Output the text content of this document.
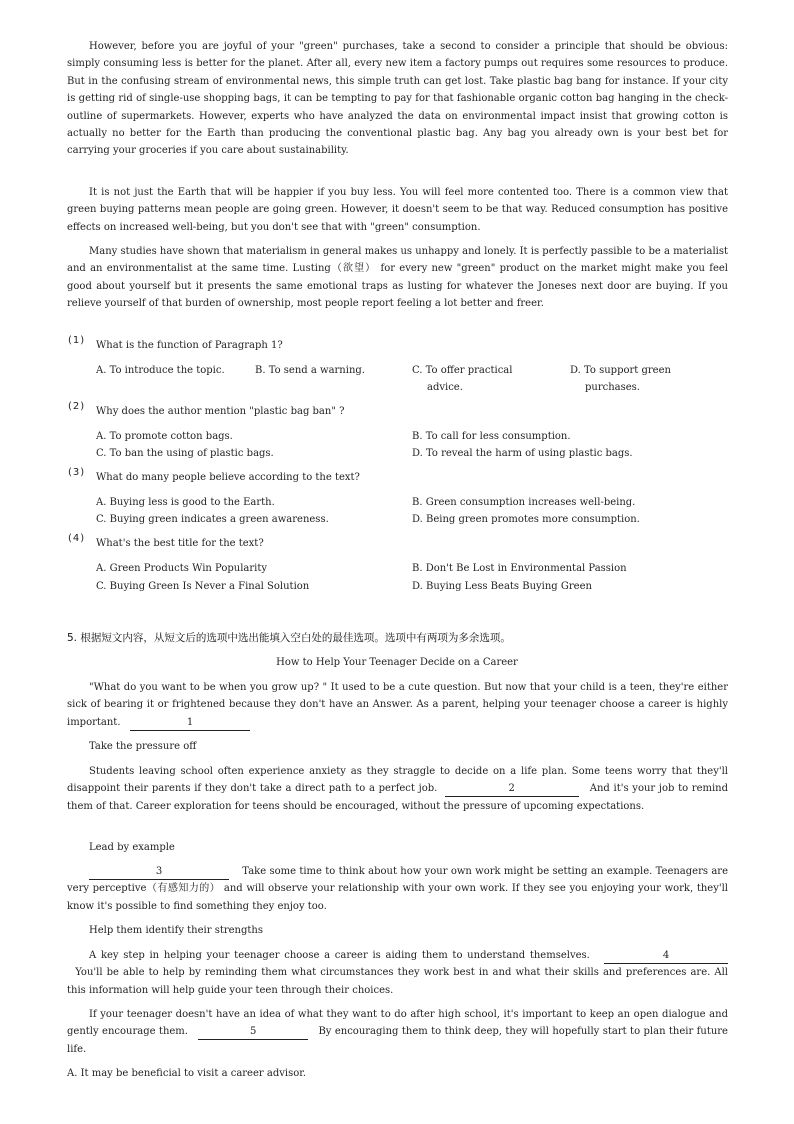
However, before you are joyful of your "green" purchases, take a second to consider a principle that should be obvious: simply consuming less is better for the planet. After all, every new item a factory pumps out requires some resources to produce. But in the confusing stream of environmental news, this simple truth can get lost. Take plastic bag bang for instance. If your city is getting rid of single-use shopping bags, it can be tempting to pay for that fashionable organic cotton bag hanging in the check-outline of supermarkets. However, experts who have analyzed the data on environmental impact insist that growing cotton is actually no better for the Earth than producing the conventional plastic bag. Any bag you already own is your best bet for carrying your groceries if you care about sustainability.

It is not just the Earth that will be happier if you buy less. You will feel more contented too. There is a common view that green buying patterns mean people are going green. However, it doesn't seem to be that way. Reduced consumption has positive effects on increased well-being, but you don't see that with "green" consumption.

Many studies have shown that materialism in general makes us unhappy and lonely. It is perfectly passible to be a materialist and an environmentalist at the same time. Lusting（欲望） for every new "green" product on the market might make you feel good about yourself but it presents the same emotional traps as lusting for whatever the Joneses next door are buying. If you relieve yourself of that burden of ownership, most people report feeling a lot better and freer.

(1) What is the function of Paragraph 1?
A. To introduce the topic.	B. To send a warning.	C. To offer practical
advice.
D. To support green
purchases.
(2) Why does the author mention "plastic bag ban" ?
A. To promote cotton bags.	B. To call for less consumption.
C. To ban the using of plastic bags.	D. To reveal the harm of using plastic bags.
(3) What do many people believe according to the text?
A. Buying less is good to the Earth.	B. Green consumption increases well-being.
C. Buying green indicates a green awareness.	D. Being green promotes more consumption.
(4) What's the best title for the text?
A. Green Products Win Popularity	B. Don't Be Lost in Environmental Passion
C. Buying Green Is Never a Final Solution	D. Buying Less Beats Buying Green
5. 根据短文内容，从短文后的选项中选出能填入空白处的最佳选项。选项中有两项为多余选项。
How to Help Your Teenager Decide on a Career

"What do you want to be when you grow up? " It used to be a cute question. But now that your child is a teen, they're either sick of bearing it or frightened because they don't have an Answer. As a parent, helping your teenager choose a career is highly important.	1

Take the pressure off

Students leaving school often experience anxiety as they straggle to decide on a life plan. Some teens worry that they'll disappoint their parents if they don't take a direct path to a perfect job.	2	And it's your job to remind them of that. Career exploration for teens should be encouraged, without the pressure of upcoming expectations.

Lead by example

3	Take some time to think about how your own work might be setting an example. Teenagers are very perceptive（有感知力的） and will observe your relationship with your own work. If they see you enjoying your work, they'll know it's possible to find something they enjoy too.

Help them identify their strengths

A key step in helping your teenager choose a career is aiding them to understand themselves.	4  You'll be able to help by reminding them what circumstances they work best in and what their skills and preferences are. All this information will help guide your teen through their choices.

If your teenager doesn't have an idea of what they want to do after high school, it's important to keep an open dialogue and gently encourage them.	5	By encouraging them to think deep, they will hopefully start to plan their future life.

A. It may be beneficial to visit a career advisor.
